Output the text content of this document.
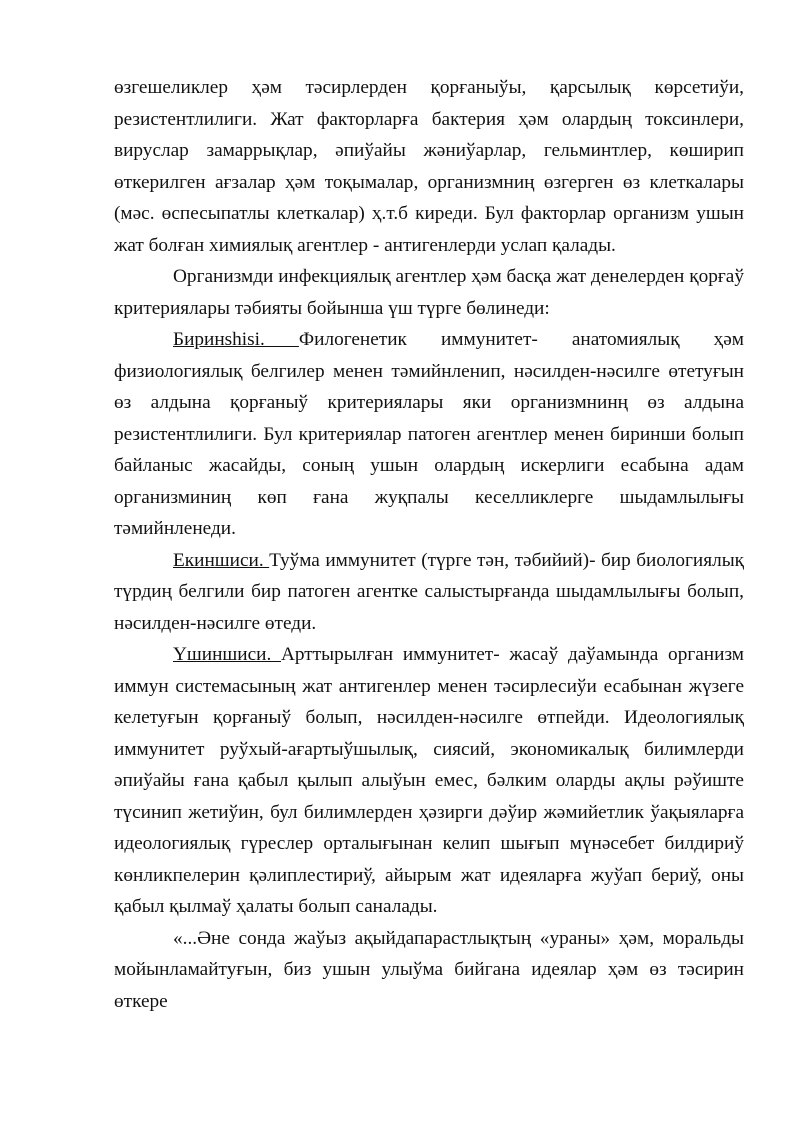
өзгешеликлер ҳәм тәсирлерден қорғаныўы, қарсылық көрсетиўи, резистентлилиги. Жат факторларға бактерия ҳәм олардың токсинлери, вируслар замаррықлар, әпиўайы жәниўарлар, гельминтлер, көширип өткерилген ағзалар ҳәм тоқымалар, организмниң өзгерген өз клеткалары (мәс. өспесыпатлы клеткалар) ҳ.т.б киреди. Бул факторлар организм ушын жат болған химиялық агентлер - антигенлерди услап қалады.

Организмди инфекциялық агентлер ҳәм басқа жат денелерден қорғаў критериялары тәбияты бойынша үш түрге бөлинеди:

Биринshisi. Филогенетик иммунитет- анатомиялық ҳәм физиологиялық белгилер менен тәмийнленип, нәсилден-нәсилге өтетуғын өз алдына қорғаныў критериялары яки организмнинң өз алдына резистентлилиги. Бул критериялар патоген агентлер менен биринши болып байланыс жасайды, соның ушын олардың искерлиги есабына адам организминиң көп ғана жуқпалы кеселликлерге шыдамлылығы тәмийнленеди.

Екиншиси. Туўма иммунитет (түрге тән, тәбийий)- бир биологиялық түрдиң белгили бир патоген агентке салыстырғанда шыдамлылығы болып, нәсилден-нәсилге өтеди.

Үшиншиси. Арттырылған иммунитет- жасаў даўамында организм иммун системасының жат антигенлер менен тәсирлесиўи есабынан жүзеге келетуғын қорғаныў болып, нәсилден-нәсилге өтпейди. Идеологиялық иммунитет руўхый-ағартыўшылық, сиясий, экономикалық билимлерди әпиўайы ғана қабыл қылып алыўын емес, бәлким оларды ақлы рәўиште түсинип жетиўин, бул билимлерден ҳәзирги дәўир жәмийетлик ўақыяларға идеологиялық гүреслер орталығынан келип шығып мүнәсебет билдириў көнликпелерин қәлиплестириў, айырым жат идеяларға жуўап бериў, оны қабыл қылмаў ҳалаты болып саналады.

«...Әне сонда жаўыз ақыйдапарастлықтың «ураны» ҳәм, моральды мойынламайтуғын, биз ушын улыўма бийгана идеялар ҳәм өз тәсирин өткере
